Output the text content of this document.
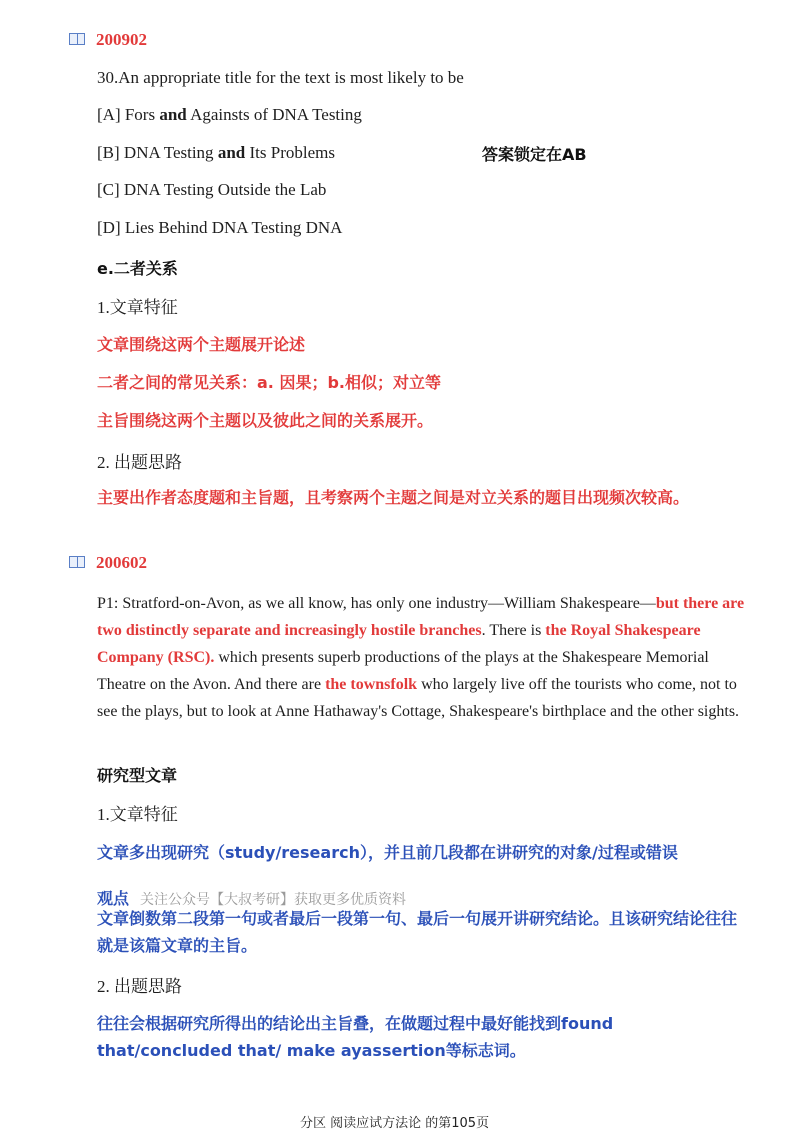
200902
30.An appropriate title for the text is most likely to be
[A] Fors and Againsts of DNA Testing
[B] DNA Testing and Its Problems	答案锁定在AB
[C] DNA Testing Outside the Lab
[D] Lies Behind DNA Testing DNA
e.二者关系
1.文章特征
文章围绕这两个主题展开论述
二者之间的常见关系：a. 因果；b.相似；对立等
主旨围绕这两个主题以及彼此之间的关系展开。
2. 出题思路
主要出作者态度题和主旨题，且考察两个主题之间是对立关系的题目出现频次较高。
200602
P1: Stratford-on-Avon, as we all know, has only one industry—William Shakespeare—but there are two distinctly separate and increasingly hostile branches. There is the Royal Shakespeare Company (RSC). which presents superb productions of the plays at the Shakespeare Memorial Theatre on the Avon. And there are the townsfolk who largely live off the tourists who come, not to see the plays, but to look at Anne Hathaway's Cottage, Shakespeare's birthplace and the other sights.
研究型文章
1.文章特征
文章多出现研究（study/research），并且前几段都在讲研究的对象/过程或错误
观点 关注公众号【大叔考研】获取更多优质资料
文章倒数第二段第一句或者最后一段第一句、最后一句展开讲研究结论。且该研究结论往往就是该篇文章的主旨。
2. 出题思路
往往会根据研究所得出的结论出主旨叠，在做题过程中最好能找到found that/concluded that/ make ayassertion等标志词。
分区 阅读应试方法论 的第105页
